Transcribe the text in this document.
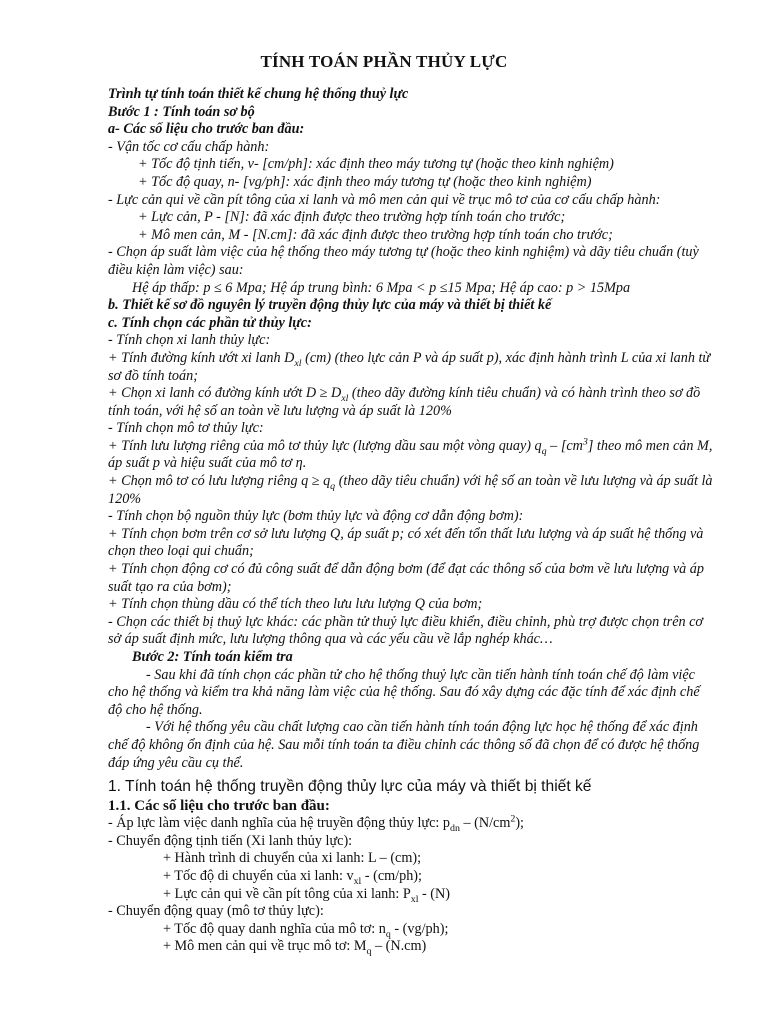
TÍNH TOÁN PHẦN THỦY LỰC

Trình tự tính toán thiết kế chung hệ thống thuỷ lực

Bước 1 : Tính toán sơ bộ

a- Các số liệu cho trước ban đầu:

- Vận tốc cơ cấu chấp hành:

+ Tốc độ tịnh tiến, v- [cm/ph]: xác định theo máy tương tự (hoặc theo kinh nghiệm)

+ Tốc độ quay, n- [vg/ph]: xác định theo máy tương tự (hoặc theo kinh nghiệm)

- Lực cản qui về cần pít tông của xi lanh và mô men cản qui về trục mô tơ của cơ cấu chấp hành:

+ Lực cản, P - [N]: đã xác định được theo trường hợp tính toán cho trước;

+ Mô men cản, M - [N.cm]: đã xác định được theo trường hợp tính toán cho trước;

- Chọn áp suất làm việc của hệ thống theo máy tương tự (hoặc theo kinh nghiệm) và dãy tiêu chuẩn (tuỳ điều kiện làm việc) sau:

Hệ áp thấp: p ≤ 6 Mpa; Hệ áp trung bình: 6 Mpa < p ≤15 Mpa; Hệ áp cao: p > 15Mpa

b. Thiết kế sơ đồ nguyên lý truyền động thủy lực của máy và thiết bị thiết kế

c. Tính chọn các phần tử thủy lực:

- Tính chọn xi lanh thủy lực:

+ Tính đường kính ướt xi lanh $D_{xl}$ (cm) (theo lực cản P và áp suất p), xác định hành trình L của xi lanh từ sơ đồ tính toán;

+ Chọn xi lanh có đường kính ướt $D \ge D_{xl}$ (theo dãy đường kính tiêu chuẩn) và có hành trình theo sơ đồ tính toán, với hệ số an toàn về lưu lượng và áp suất là 120%

- Tính chọn mô tơ thủy lực:

+ Tính lưu lượng riêng của mô tơ thủy lực (lượng dầu sau một vòng quay) $q_q - [cm^3]$ theo mô men cản M, áp suất p và hiệu suất của mô tơ η.

+ Chọn mô tơ có lưu lượng riêng $q \ge q_q$ (theo dãy tiêu chuẩn) với hệ số an toàn về lưu lượng và áp suất là 120%

- Tính chọn bộ nguồn thủy lực (bơm thủy lực và động cơ dẫn động bơm):

+ Tính chọn bơm trên cơ sở lưu lượng Q, áp suất p; có xét đến tổn thất lưu lượng và áp suất hệ thống và chọn theo loại qui chuẩn;

+ Tính chọn động cơ có đủ công suất để dẫn động bơm (để đạt các thông số của bơm về lưu lượng và áp suất tạo ra của bơm);

+ Tính chọn thùng dầu có thể tích theo lưu lưu lượng Q của bơm;

- Chọn các thiết bị thuỷ lực khác: các phần tử thuỷ lực điều khiển, điều chỉnh, phù trợ được chọn trên cơ sở áp suất định mức, lưu lượng thông qua và các yếu cầu về lắp nghép khác…

Bước 2: Tính toán kiểm tra

- Sau khi đã tính chọn các phần tử cho hệ thống thuỷ lực cần tiến hành tính toán chế độ làm việc cho hệ thống và kiểm tra khả năng làm việc của hệ thống. Sau đó xây dựng các đặc tính để xác định chế độ cho hệ thống.

- Với hệ thống yêu cầu chất lượng cao cần tiến hành tính toán động lực học hệ thống để xác định chế độ không ổn định của hệ. Sau mỗi tính toán ta điều chỉnh các thông số đã chọn để có được hệ thống đáp ứng yêu cầu cụ thể.

1. Tính toán hệ thống truyền động thủy lực của máy và thiết bị thiết kế

1.1. Các số liệu cho trước ban đầu:

- Áp lực làm việc danh nghĩa của hệ truyền động thủy lực: $p_{dn} - (N/cm^2)$;

- Chuyển động tịnh tiến (Xi lanh thủy lực):

+ Hành trình di chuyển của xi lanh: L – (cm);

+ Tốc độ di chuyển của xi lanh: $v_{xl} - (cm/ph)$;

+ Lực cản qui về cần pít tông của xi lanh: $P_{xl} - (N)$

- Chuyển động quay (mô tơ thủy lực):

+ Tốc độ quay danh nghĩa của mô tơ: $n_q - (vg/ph)$;

+ Mô men cản qui về trục mô tơ: $M_q - (N.cm)$
